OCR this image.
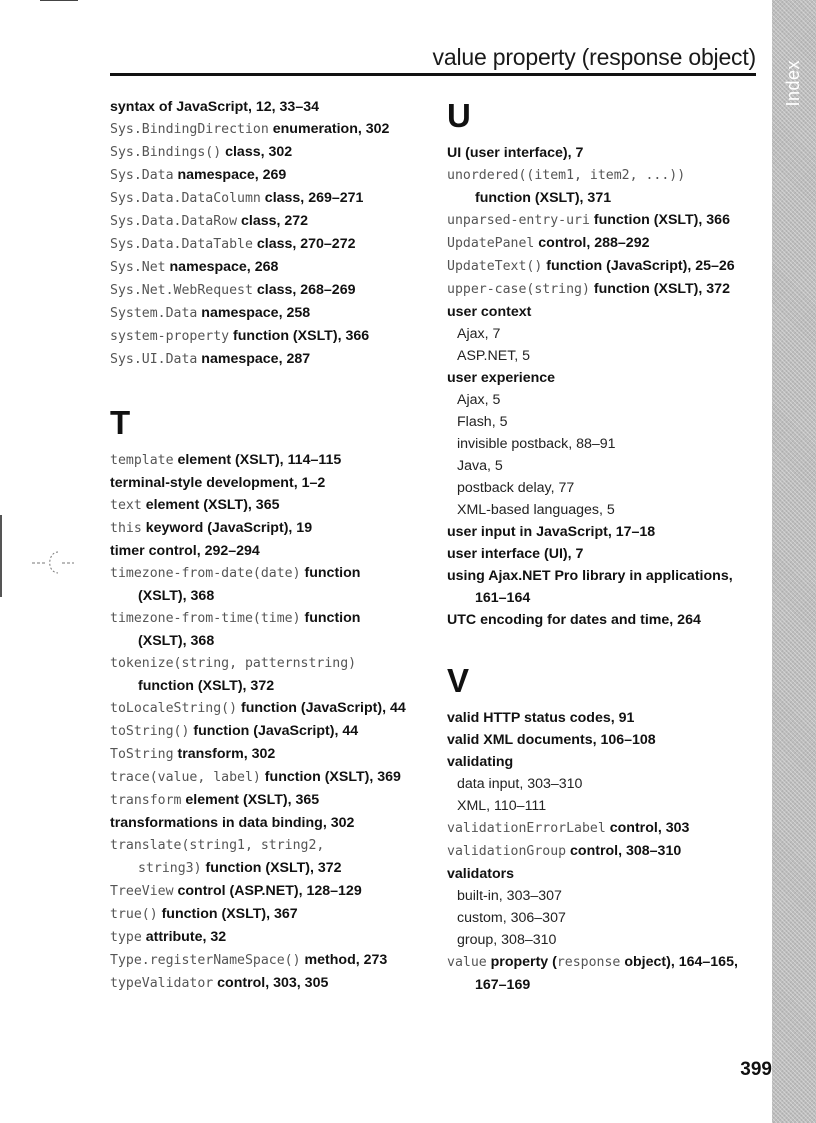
value property (response object)
Index
syntax of JavaScript, 12, 33–34
Sys.BindingDirection enumeration, 302
Sys.Bindings() class, 302
Sys.Data namespace, 269
Sys.Data.DataColumn class, 269–271
Sys.Data.DataRow class, 272
Sys.Data.DataTable class, 270–272
Sys.Net namespace, 268
Sys.Net.WebRequest class, 268–269
System.Data namespace, 258
system-property function (XSLT), 366
Sys.UI.Data namespace, 287
T
template element (XSLT), 114–115
terminal-style development, 1–2
text element (XSLT), 365
this keyword (JavaScript), 19
timer control, 292–294
timezone-from-date(date) function
(XSLT), 368
timezone-from-time(time) function
(XSLT), 368
tokenize(string, patternstring)
function (XSLT), 372
toLocaleString() function (JavaScript), 44
toString() function (JavaScript), 44
ToString transform, 302
trace(value, label) function (XSLT), 369
transform element (XSLT), 365
transformations in data binding, 302
translate(string1, string2,
string3) function (XSLT), 372
TreeView control (ASP.NET), 128–129
true() function (XSLT), 367
type attribute, 32
Type.registerNameSpace() method, 273
typeValidator control, 303, 305
U
UI (user interface), 7
unordered((item1, item2, ...))
function (XSLT), 371
unparsed-entry-uri function (XSLT), 366
UpdatePanel control, 288–292
UpdateText() function (JavaScript), 25–26
upper-case(string) function (XSLT), 372
user context
Ajax, 7
ASP.NET, 5
user experience
Ajax, 5
Flash, 5
invisible postback, 88–91
Java, 5
postback delay, 77
XML-based languages, 5
user input in JavaScript, 17–18
user interface (UI), 7
using Ajax.NET Pro library in applications,
161–164
UTC encoding for dates and time, 264
V
valid HTTP status codes, 91
valid XML documents, 106–108
validating
data input, 303–310
XML, 110–111
validationErrorLabel control, 303
validationGroup control, 308–310
validators
built-in, 303–307
custom, 306–307
group, 308–310
value property (response object), 164–165,
167–169
399
